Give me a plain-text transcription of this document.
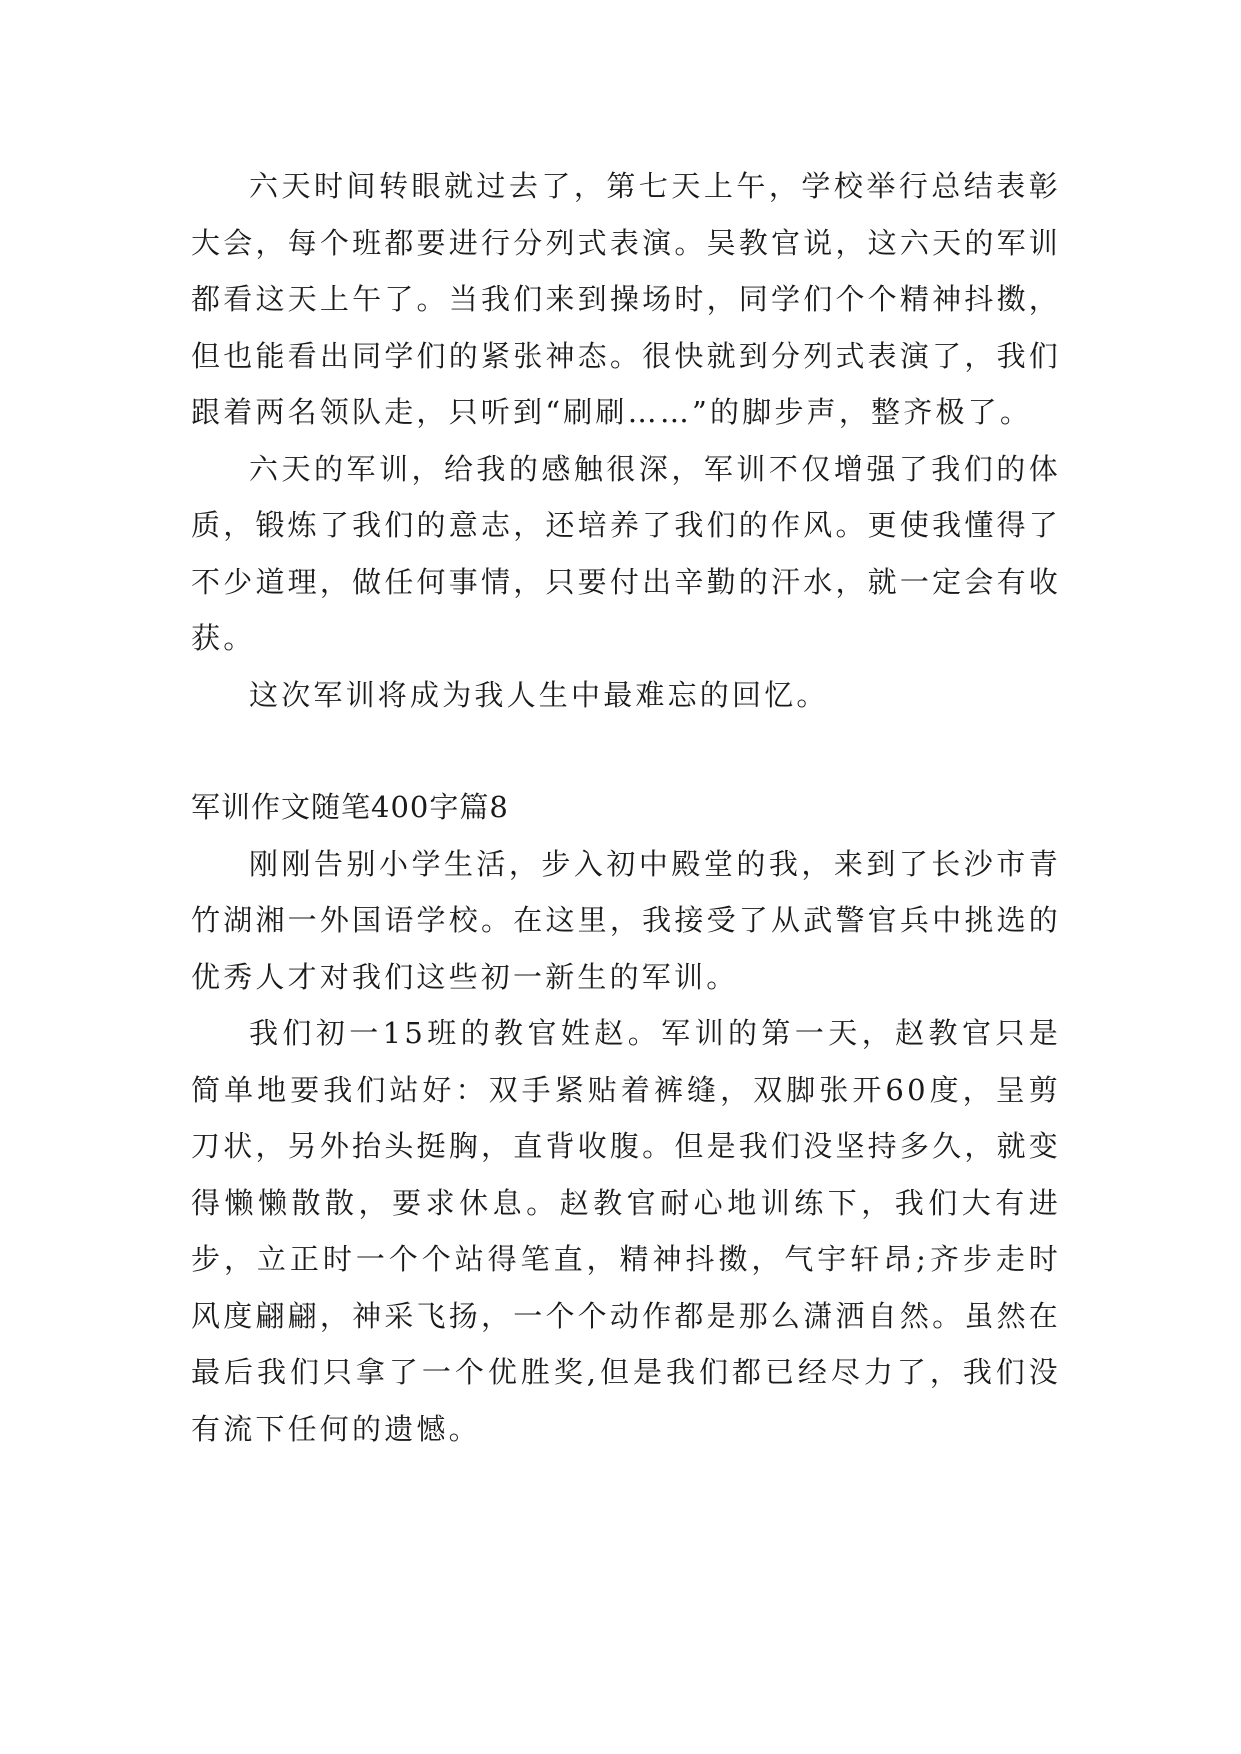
六天时间转眼就过去了，第七天上午，学校举行总结表彰大会，每个班都要进行分列式表演。吴教官说，这六天的军训都看这天上午了。当我们来到操场时，同学们个个精神抖擞，但也能看出同学们的紧张神态。很快就到分列式表演了，我们跟着两名领队走，只听到“刷刷……”的脚步声，整齐极了。

六天的军训，给我的感触很深，军训不仅增强了我们的体质，锻炼了我们的意志，还培养了我们的作风。更使我懂得了不少道理，做任何事情，只要付出辛勤的汗水，就一定会有收获。

这次军训将成为我人生中最难忘的回忆。

军训作文随笔400字篇8

刚刚告别小学生活，步入初中殿堂的我，来到了长沙市青竹湖湘一外国语学校。在这里，我接受了从武警官兵中挑选的优秀人才对我们这些初一新生的军训。

我们初一15班的教官姓赵。军训的第一天，赵教官只是简单地要我们站好：双手紧贴着裤缝，双脚张开60度，呈剪刀状，另外抬头挺胸，直背收腹。但是我们没坚持多久，就变得懒懒散散，要求休息。赵教官耐心地训练下，我们大有进步，立正时一个个站得笔直，精神抖擞，气宇轩昂;齐步走时风度翩翩，神采飞扬，一个个动作都是那么潇洒自然。虽然在最后我们只拿了一个优胜奖,但是我们都已经尽力了，我们没有流下任何的遗憾。
